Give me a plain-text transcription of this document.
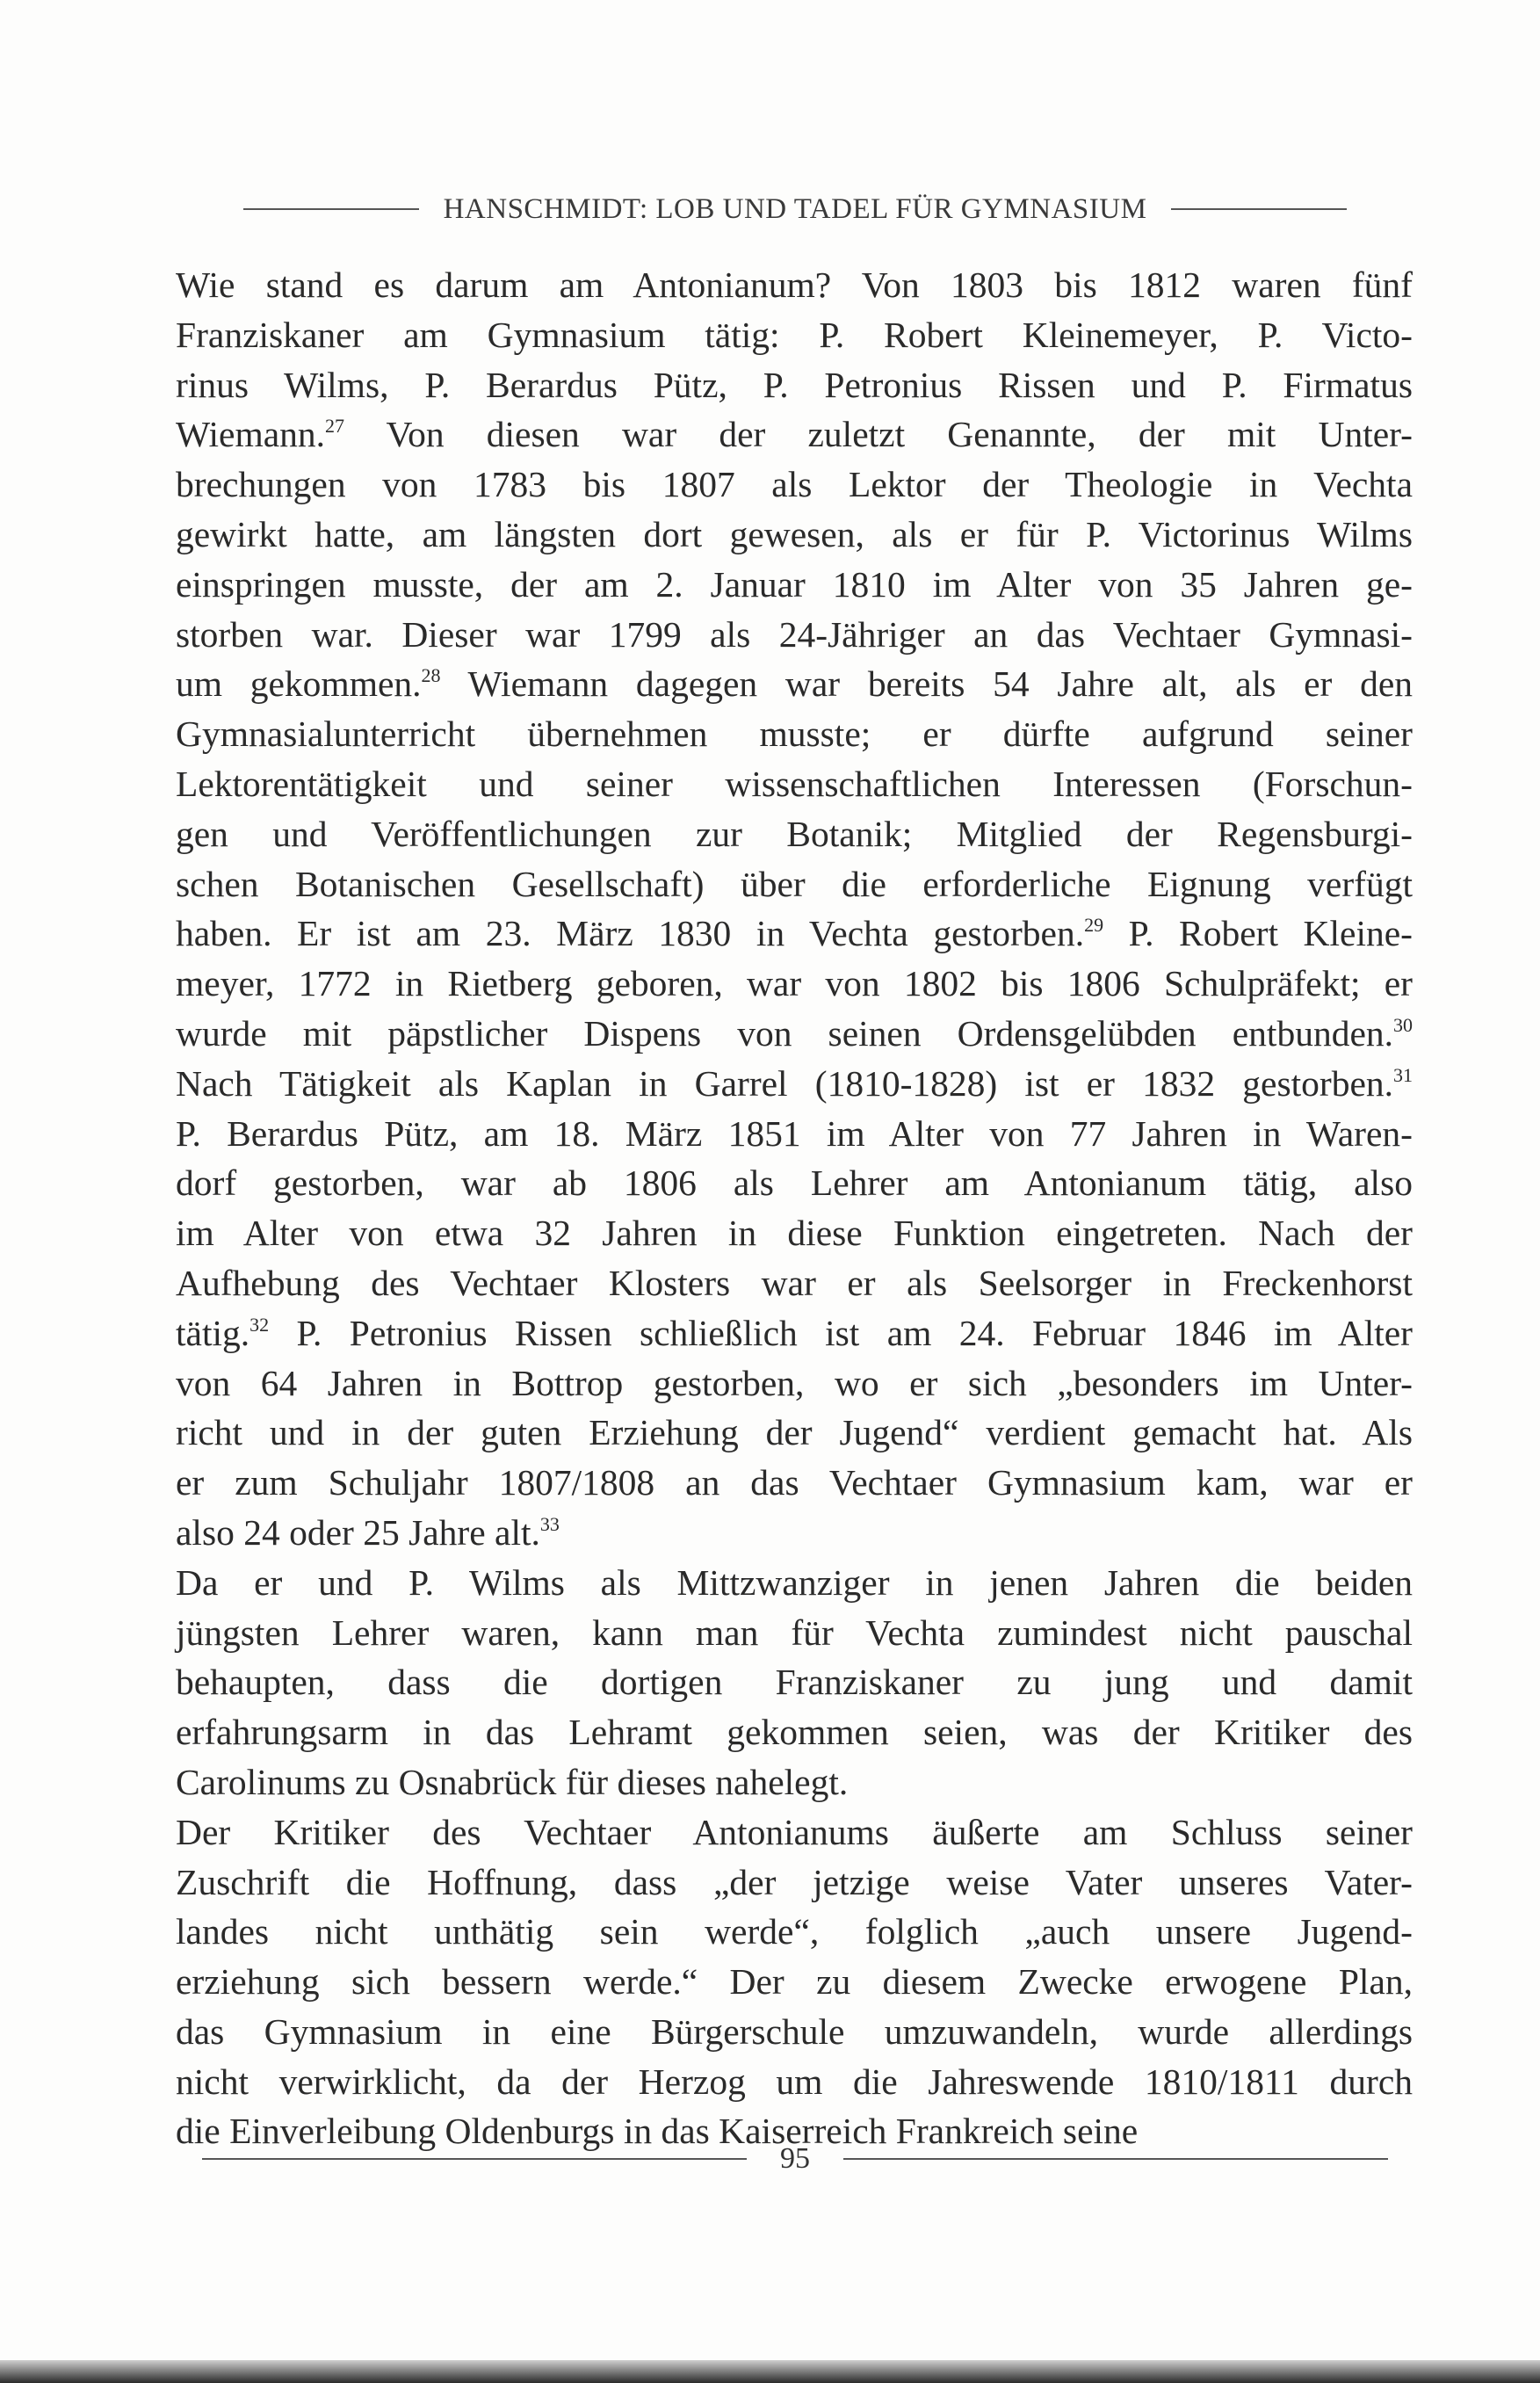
HANSCHMIDT: LOB UND TADEL FÜR GYMNASIUM

Wie stand es darum am Antonianum? Von 1803 bis 1812 waren fünf
Franziskaner am Gymnasium tätig: P. Robert Kleinemeyer, P. Victo-
rinus Wilms, P. Berardus Pütz, P. Petronius Rissen und P. Firmatus
Wiemann.$^{27}$ Von diesen war der zuletzt Genannte, der mit Unter-
brechungen von 1783 bis 1807 als Lektor der Theologie in Vechta
gewirkt hatte, am längsten dort gewesen, als er für P. Victorinus Wilms
einspringen musste, der am 2. Januar 1810 im Alter von 35 Jahren ge-
storben war. Dieser war 1799 als 24-Jähriger an das Vechtaer Gymnasi-
um gekommen.$^{28}$ Wiemann dagegen war bereits 54 Jahre alt, als er den
Gymnasialunterricht übernehmen musste; er dürfte aufgrund seiner
Lektorentätigkeit und seiner wissenschaftlichen Interessen (Forschun-
gen und Veröffentlichungen zur Botanik; Mitglied der Regensburgi-
schen Botanischen Gesellschaft) über die erforderliche Eignung verfügt
haben. Er ist am 23. März 1830 in Vechta gestorben.$^{29}$ P. Robert Kleine-
meyer, 1772 in Rietberg geboren, war von 1802 bis 1806 Schulpräfekt; er
wurde mit päpstlicher Dispens von seinen Ordensgelübden entbunden.$^{30}$
Nach Tätigkeit als Kaplan in Garrel (1810-1828) ist er 1832 gestorben.$^{31}$
P. Berardus Pütz, am 18. März 1851 im Alter von 77 Jahren in Waren-
dorf gestorben, war ab 1806 als Lehrer am Antonianum tätig, also
im Alter von etwa 32 Jahren in diese Funktion eingetreten. Nach der
Aufhebung des Vechtaer Klosters war er als Seelsorger in Freckenhorst
tätig.$^{32}$ P. Petronius Rissen schließlich ist am 24. Februar 1846 im Alter
von 64 Jahren in Bottrop gestorben, wo er sich „besonders im Unter-
richt und in der guten Erziehung der Jugend“ verdient gemacht hat. Als
er zum Schuljahr 1807/1808 an das Vechtaer Gymnasium kam, war er
also 24 oder 25 Jahre alt.$^{33}$

Da er und P. Wilms als Mittzwanziger in jenen Jahren die beiden
jüngsten Lehrer waren, kann man für Vechta zumindest nicht pauschal
behaupten, dass die dortigen Franziskaner zu jung und damit
erfahrungsarm in das Lehramt gekommen seien, was der Kritiker des
Carolinums zu Osnabrück für dieses nahelegt.

Der Kritiker des Vechtaer Antonianums äußerte am Schluss seiner
Zuschrift die Hoffnung, dass „der jetzige weise Vater unseres Vater-
landes nicht unthätig sein werde“, folglich „auch unsere Jugend-
erziehung sich bessern werde.“ Der zu diesem Zwecke erwogene Plan,
das Gymnasium in eine Bürgerschule umzuwandeln, wurde allerdings
nicht verwirklicht, da der Herzog um die Jahreswende 1810/1811 durch
die Einverleibung Oldenburgs in das Kaiserreich Frankreich seine

95
